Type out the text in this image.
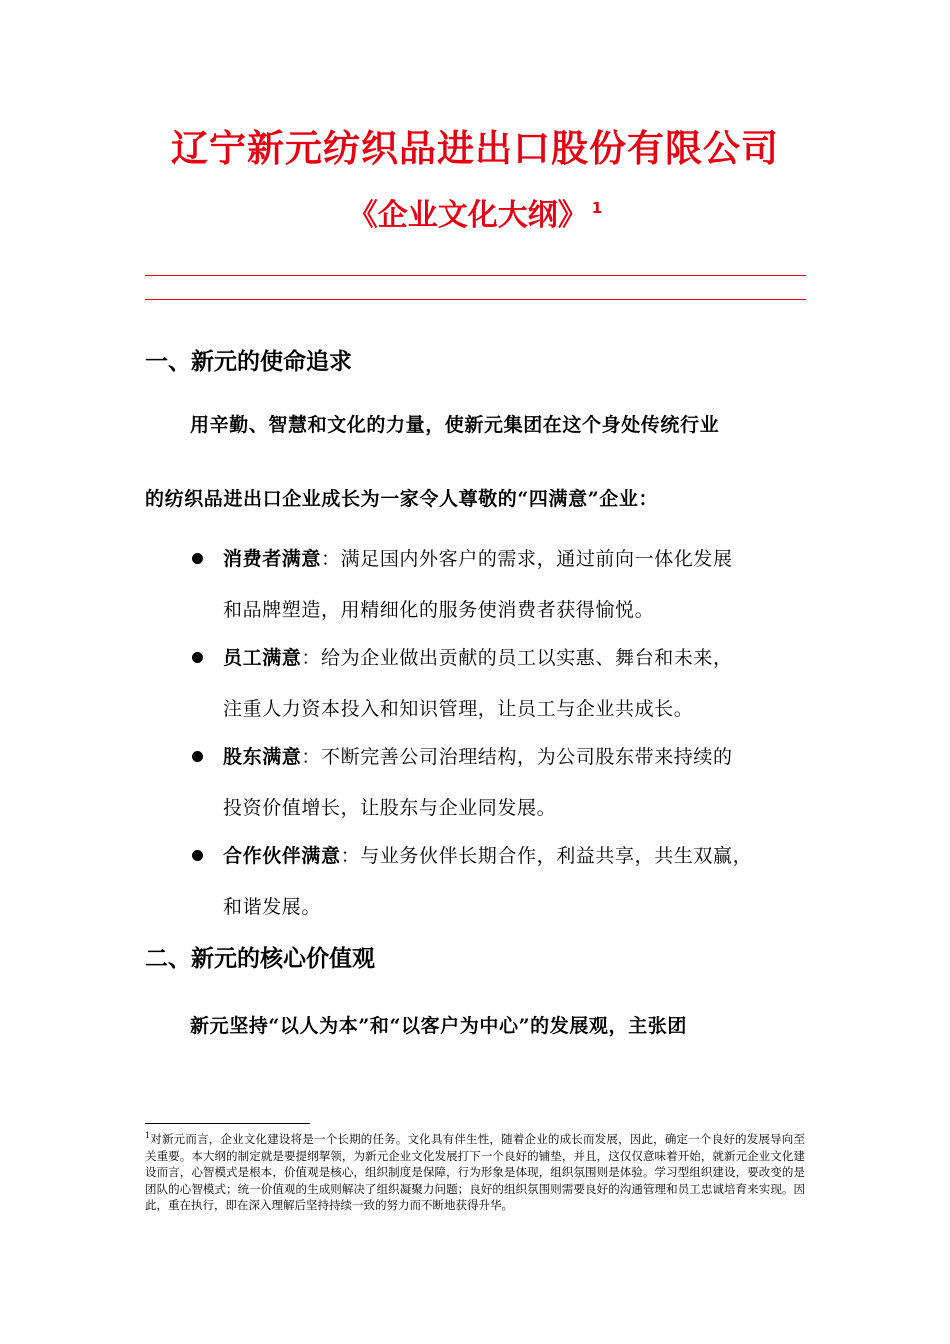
辽宁新元纺织品进出口股份有限公司
《企业文化大纲》 $^1$
一、新元的使命追求
用辛勤、智慧和文化的力量，使新元集团在这个身处传统行业
的纺织品进出口企业成长为一家令人尊敬的“四满意”企业：
消费者满意：满足国内外客户的需求，通过前向一体化发展
和品牌塑造，用精细化的服务使消费者获得愉悦。
员工满意：给为企业做出贡献的员工以实惠、舞台和未来，
注重人力资本投入和知识管理，让员工与企业共成长。
股东满意：不断完善公司治理结构，为公司股东带来持续的
投资价值增长，让股东与企业同发展。
合作伙伴满意：与业务伙伴长期合作，利益共享，共生双赢，
和谐发展。
二、新元的核心价值观
新元坚持“以人为本”和“以客户为中心”的发展观，主张团
$^1$对新元而言，企业文化建设将是一个长期的任务。文化具有伴生性，随着企业的成长而发展，因此，确定一个良好的发展导向至关重要。本大纲的制定就是要提纲挈领，为新元企业文化发展打下一个良好的铺垫，并且，这仅仅意味着开始，就新元企业文化建设而言，心智模式是根本，价值观是核心，组织制度是保障，行为形象是体现，组织氛围则是体验。学习型组织建设，要改变的是团队的心智模式；统一价值观的生成则解决了组织凝聚力问题；良好的组织氛围则需要良好的沟通管理和员工忠诚培育来实现。因此，重在执行，即在深入理解后坚持持续一致的努力而不断地获得升华。
